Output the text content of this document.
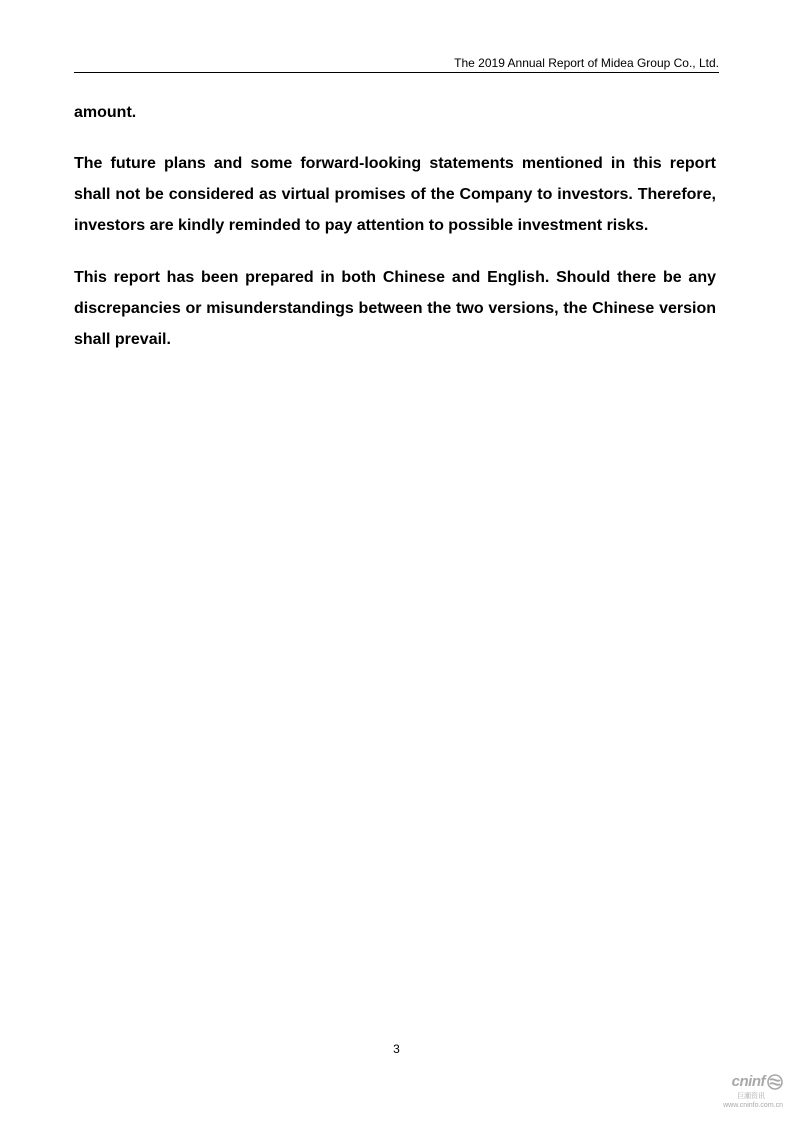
The 2019 Annual Report of Midea Group Co., Ltd.

amount.

The future plans and some forward-looking statements mentioned in this report shall not be considered as virtual promises of the Company to investors. Therefore, investors are kindly reminded to pay attention to possible investment risks.

This report has been prepared in both Chinese and English. Should there be any discrepancies or misunderstandings between the two versions, the Chinese version shall prevail.

3
cninf
巨潮资讯
www.cninfo.com.cn
